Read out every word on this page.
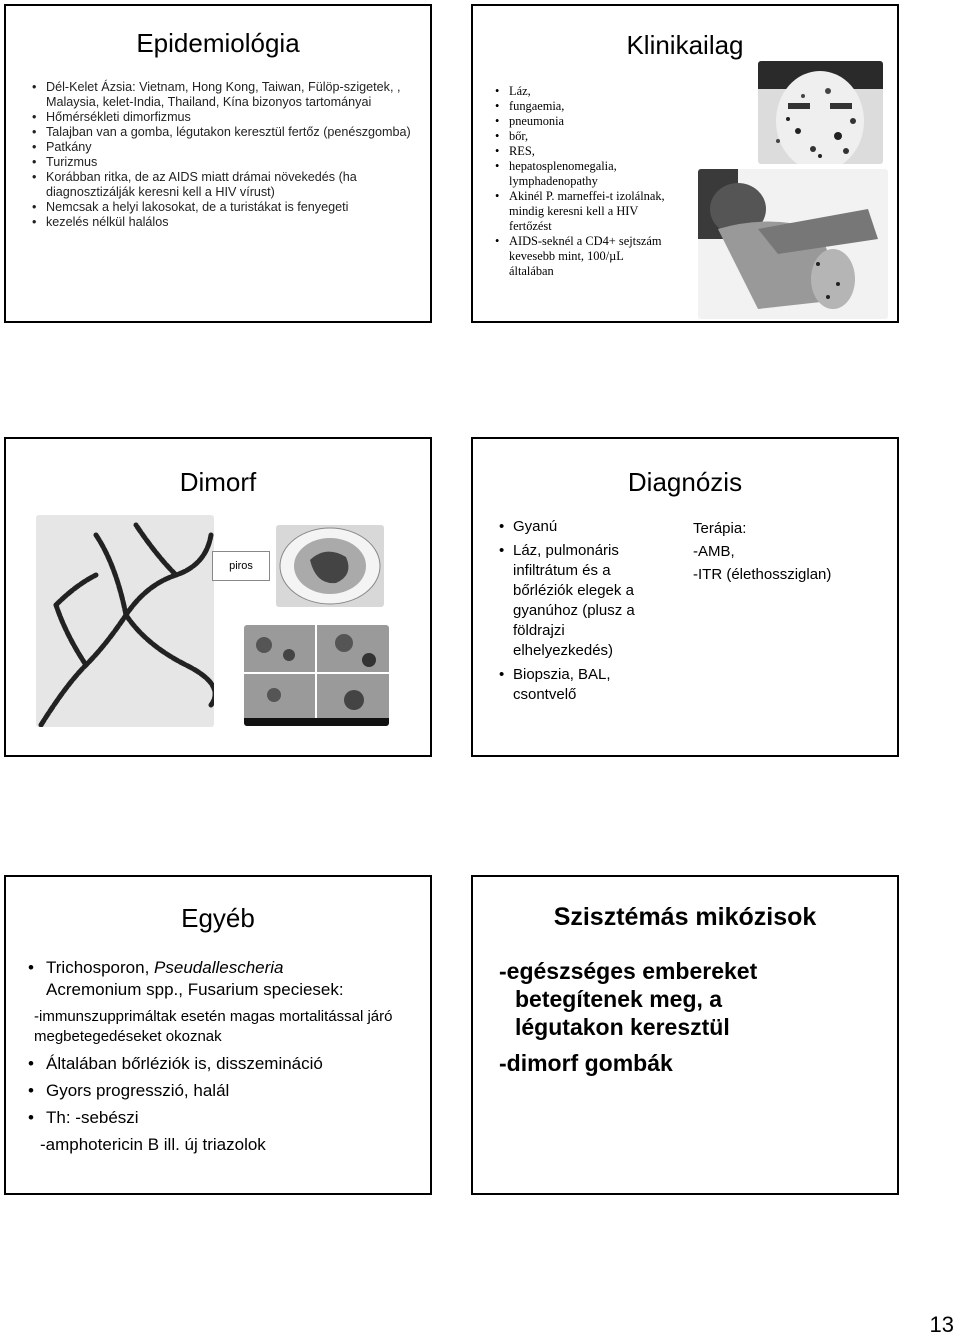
Epidemiológia
• Dél-Kelet Ázsia: Vietnam, Hong Kong, Taiwan, Fülöp-szigetek, , Malaysia, kelet-India, Thailand, Kína bizonyos tartományai
• Hőmérsékleti dimorfizmus
• Talajban van a gomba, légutakon keresztül fertőz (penészgomba)
• Patkány
• Turizmus
• Korábban ritka, de az AIDS miatt drámai növekedés (ha diagnosztizálják keresni kell a HIV vírust)
• Nemcsak a helyi lakosokat, de a turistákat is fenyegeti
• kezelés nélkül halálos
Klinikailag
• Láz,
• fungaemia,
• pneumonia
• bőr,
• RES,
• hepatosplenomegalia, lymphadenopathy
• Akinél P. marneffei-t izolálnak, mindig keresni kell a HIV fertőzést
• AIDS-seknél a CD4+ sejtszám kevesebb mint, 100/µL általában
Dimorf
piros
Diagnózis
• Gyanú
• Láz, pulmonáris infiltrátum és a bőrléziók elegek a gyanúhoz (plusz a földrajzi elhelyezkedés)
• Biopszia, BAL, csontvelő
Terápia:
-AMB,
-ITR (élethossziglan)
Egyéb
• Trichosporon, Pseudallescheria
Acremonium spp., Fusarium speciesek:
-immunszupprimáltak esetén magas mortalitással járó megbetegedéseket okoznak
• Általában bőrléziók is, disszemináció
• Gyors progresszió, halál
• Th: -sebészi
-amphotericin B ill. új triazolok
Szisztémás mikózisok
-egészséges embereket
betegítenek meg, a
légutakon keresztül
-dimorf gombák
13
